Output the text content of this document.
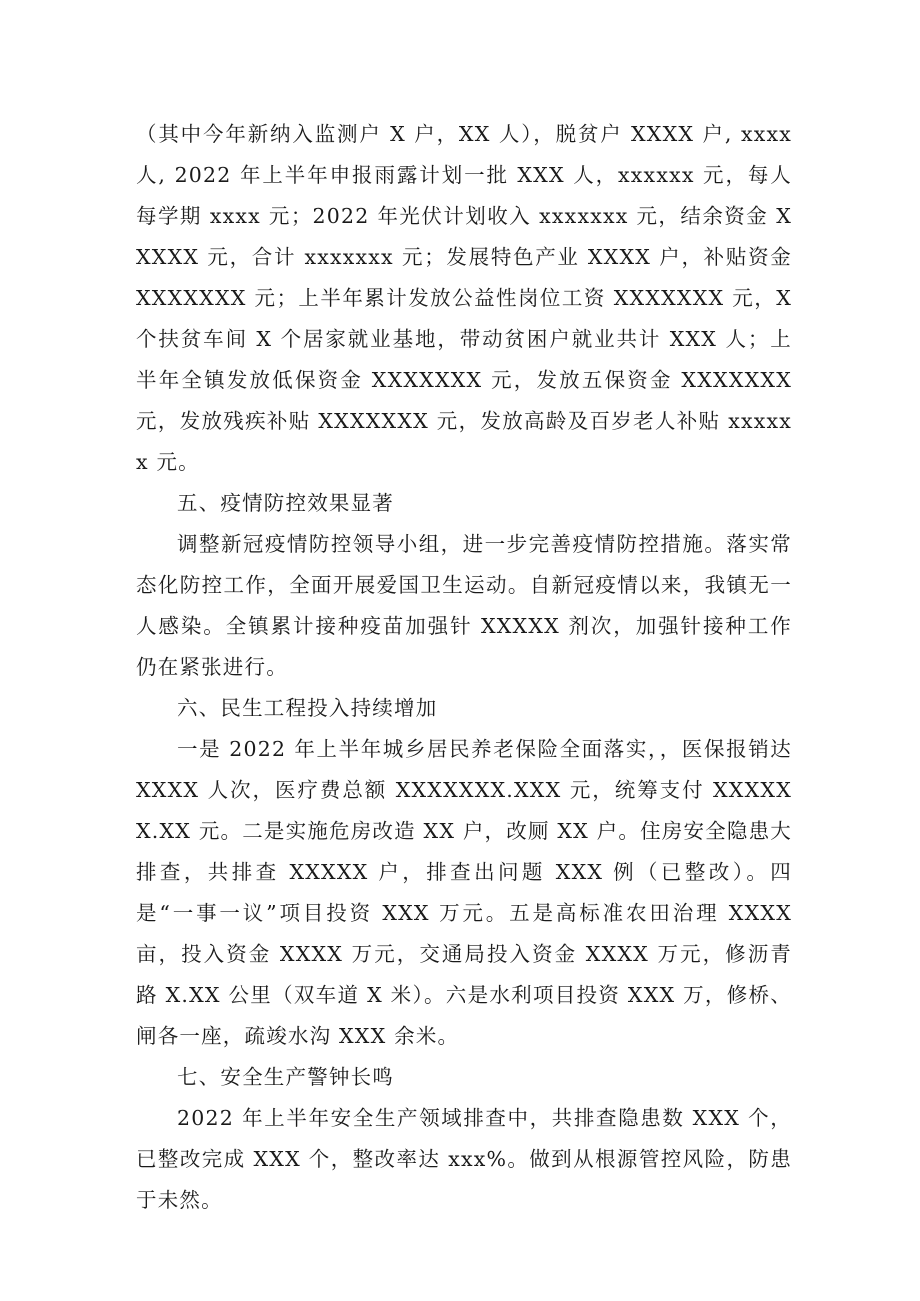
（其中今年新纳入监测户 X 户，XX 人），脱贫户 XXXX 户, xxxx 人, 2022 年上半年申报雨露计划一批 XXX 人，xxxxxx 元，每人每学期 xxxx 元；2022 年光伏计划收入 xxxxxxx 元，结余资金 XXXXX 元，合计 xxxxxxx 元；发展特色产业 XXXX 户，补贴资金 XXXXXXX 元；上半年累计发放公益性岗位工资 XXXXXXX 元，X 个扶贫车间 X 个居家就业基地，带动贫困户就业共计 XXX 人；上半年全镇发放低保资金 XXXXXXX 元，发放五保资金 XXXXXXX 元，发放残疾补贴 XXXXXXX 元，发放高龄及百岁老人补贴 xxxxxx 元。

五、疫情防控效果显著

调整新冠疫情防控领导小组，进一步完善疫情防控措施。落实常态化防控工作，全面开展爱国卫生运动。自新冠疫情以来，我镇无一人感染。全镇累计接种疫苗加强针 XXXXX 剂次，加强针接种工作仍在紧张进行。

六、民生工程投入持续增加

一是 2022 年上半年城乡居民养老保险全面落实，，医保报销达 XXXX 人次，医疗费总额 XXXXXXX.XXX 元，统筹支付 XXXXXX.XX 元。二是实施危房改造 XX 户，改厕 XX 户。住房安全隐患大排查，共排查 XXXXX 户，排查出问题 XXX 例（已整改）。四是“一事一议”项目投资 XXX 万元。五是高标准农田治理 XXXX 亩，投入资金 XXXX 万元，交通局投入资金 XXXX 万元，修沥青路 X.XX 公里（双车道 X 米）。六是水利项目投资 XXX 万，修桥、闸各一座，疏竣水沟 XXX 余米。

七、安全生产警钟长鸣

2022 年上半年安全生产领域排查中，共排查隐患数 XXX 个，已整改完成 XXX 个，整改率达 xxx%。做到从根源管控风险，防患于未然。
